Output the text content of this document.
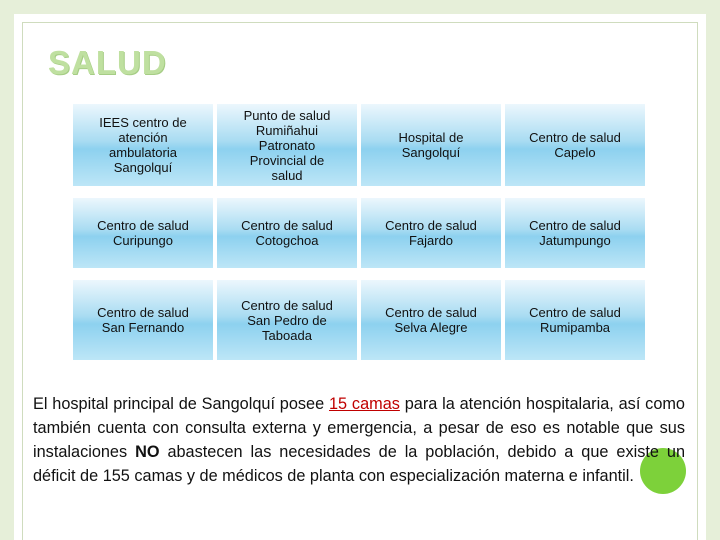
SALUD
IEES centro de
atención
ambulatoria
Sangolquí
Punto de salud
Rumiñahui
Patronato
Provincial de
salud
Hospital de
Sangolquí
Centro de salud
Capelo
Centro de salud
Curipungo
Centro de salud
Cotogchoa
Centro de salud
Fajardo
Centro de salud
Jatumpungo
Centro de salud
San Fernando
Centro de salud
San Pedro de
Taboada
Centro de salud
Selva Alegre
Centro de salud
Rumipamba

El hospital principal de Sangolquí posee 15 camas para la atención hospitalaria, así como también cuenta con consulta externa y emergencia, a pesar de eso es notable que sus instalaciones NO abastecen las necesidades de la población, debido a que existe un déficit de 155 camas y de médicos de planta con especialización materna e infantil.
